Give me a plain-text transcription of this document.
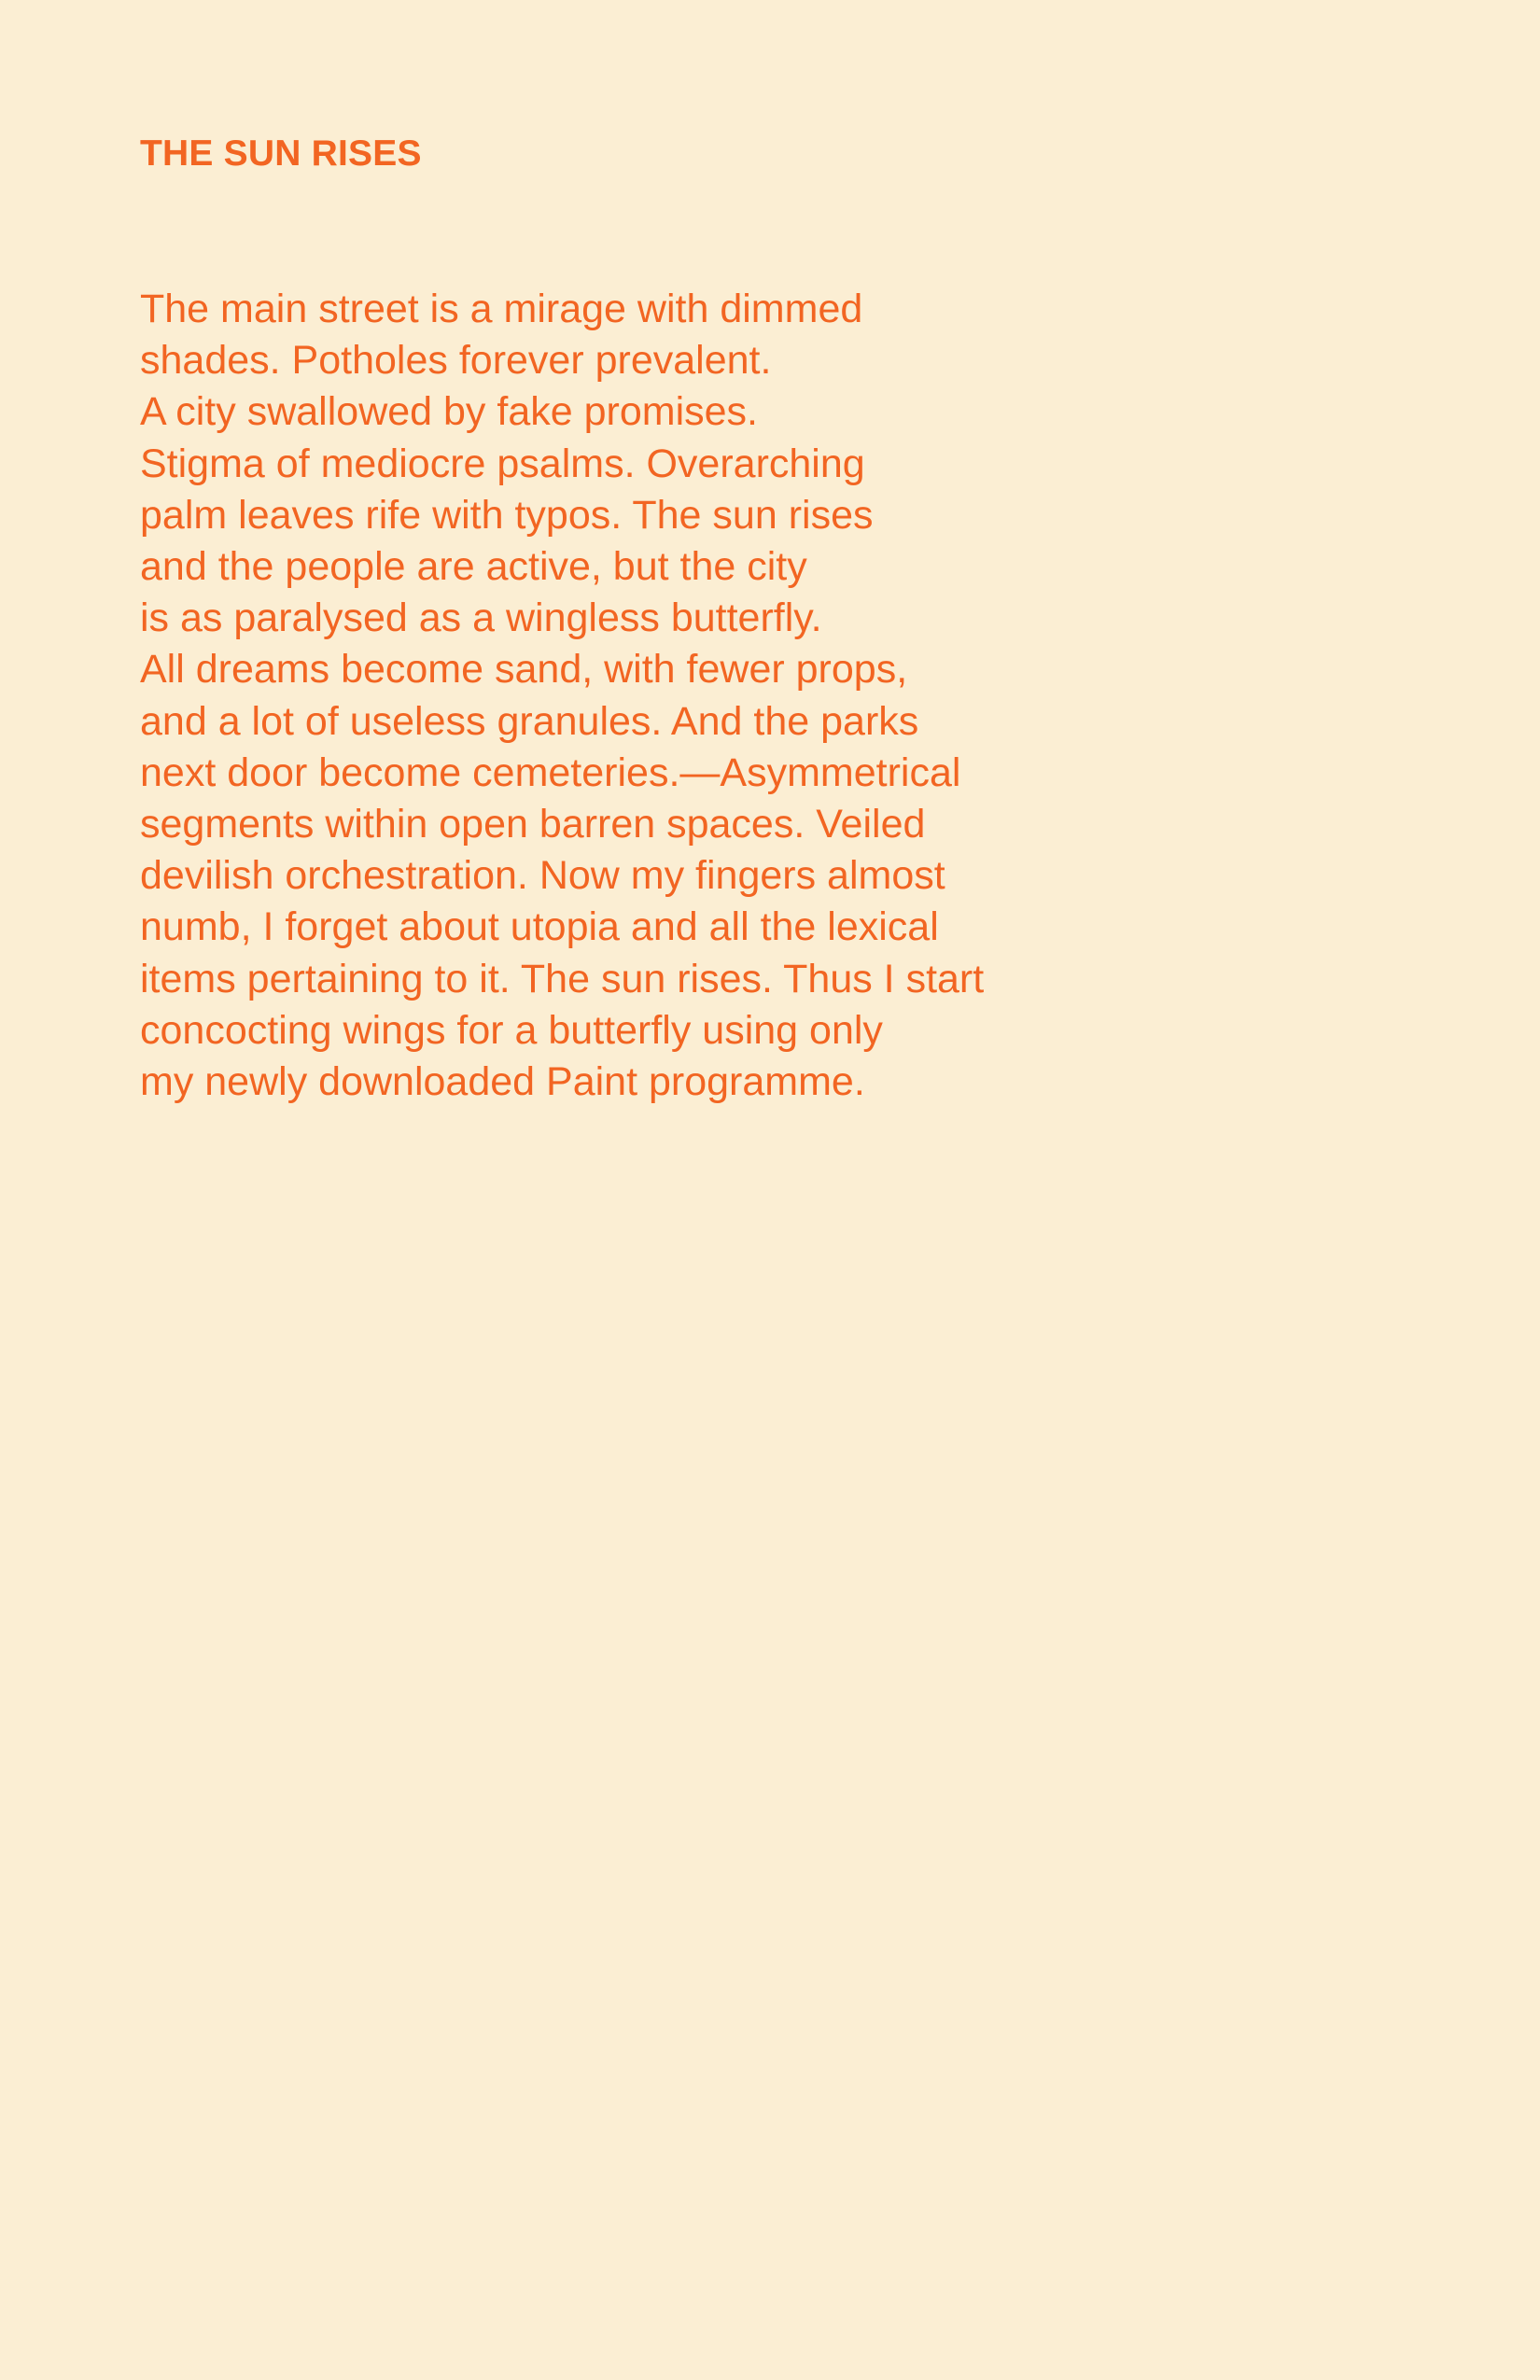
THE SUN RISES
The main street is a mirage with dimmed
shades. Potholes forever prevalent.
A city swallowed by fake promises.
Stigma of mediocre psalms. Overarching
palm leaves rife with typos. The sun rises
and the people are active, but the city
is as paralysed as a wingless butterfly.
All dreams become sand, with fewer props,
and a lot of useless granules. And the parks
next door become cemeteries.—Asymmetrical
segments within open barren spaces. Veiled
devilish orchestration. Now my fingers almost
numb, I forget about utopia and all the lexical
items pertaining to it. The sun rises. Thus I start
concocting wings for a butterfly using only
my newly downloaded Paint programme.
